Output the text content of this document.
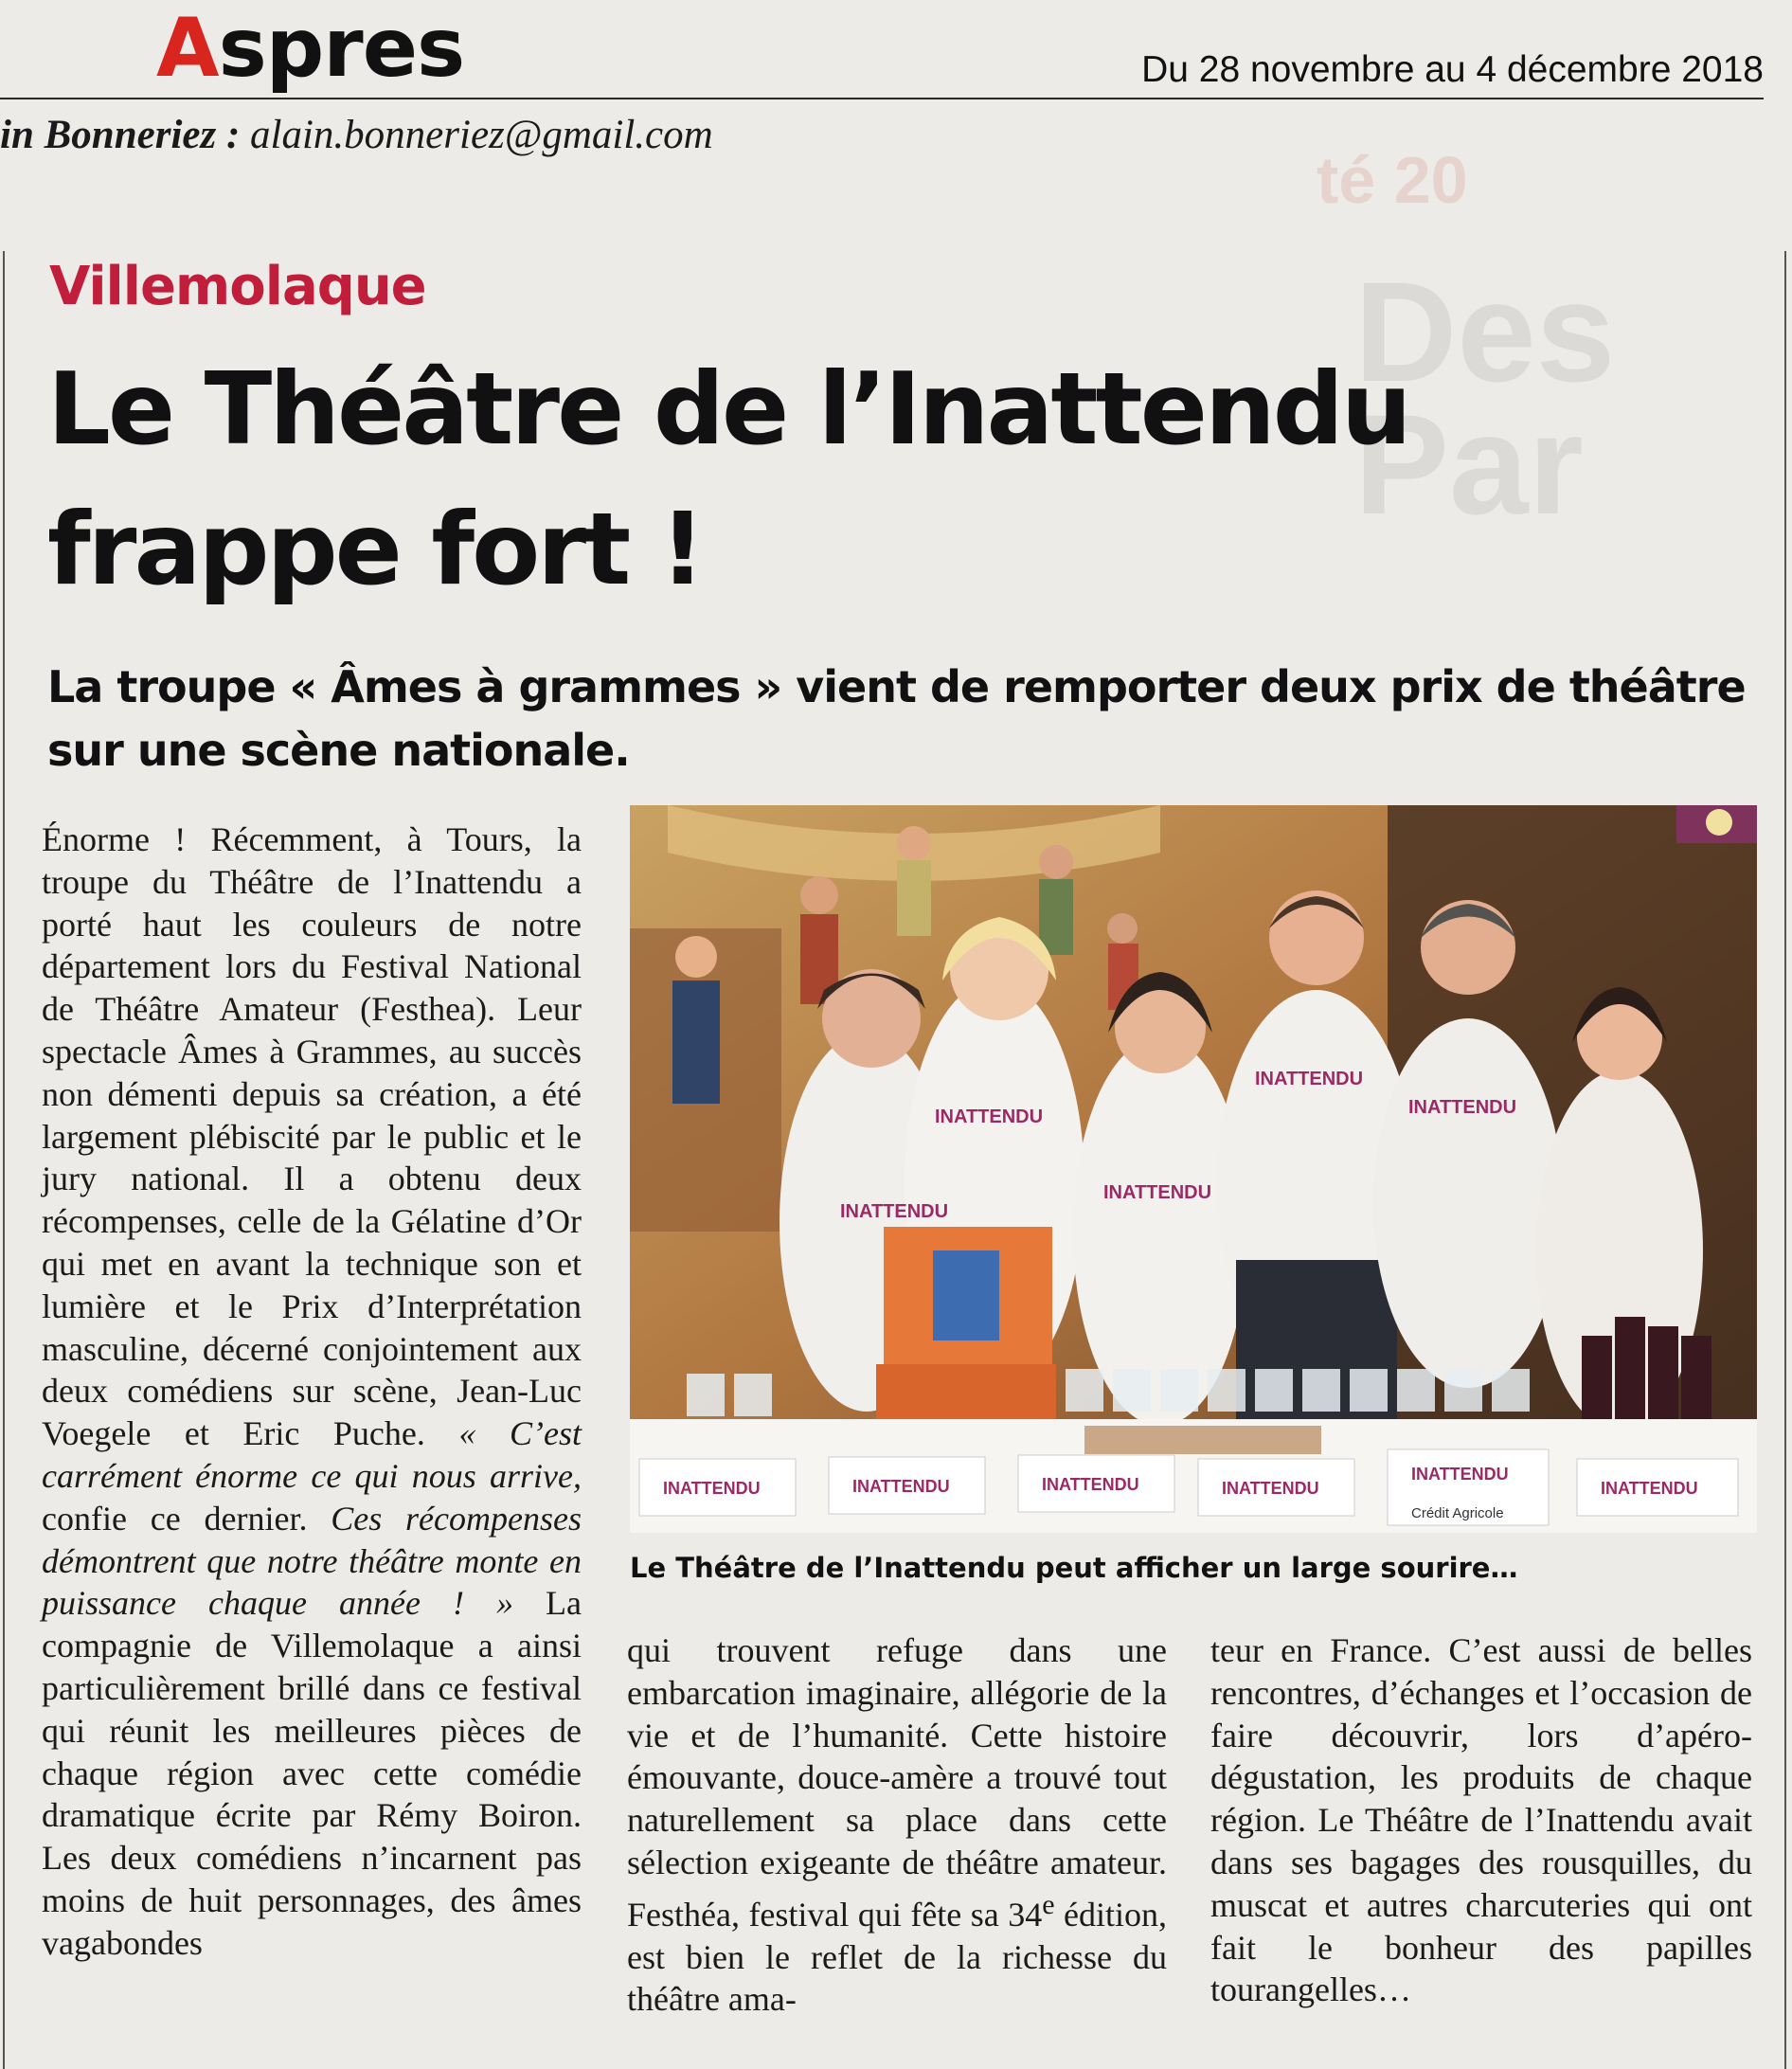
té 20
Des
Par
Aspres	Du 28 novembre au 4 décembre 2018
in Bonneriez : alain.bonneriez@gmail.com
Villemolaque
Le Théâtre de l’Inattendu
frappe fort !
La troupe « Âmes à grammes » vient de remporter deux prix de théâtre sur une scène nationale.

Énorme ! Récemment, à Tours, la troupe du Théâtre de l’Inattendu a porté haut les couleurs de notre département lors du Festival National de Théâtre Amateur (Festhea). Leur spectacle Âmes à Grammes, au succès non démenti depuis sa création, a été largement plébiscité par le public et le jury national. Il a obtenu deux récompenses, celle de la Gélatine d’Or qui met en avant la technique son et lumière et le Prix d’Interprétation masculine, décerné conjointement aux deux comédiens sur scène, Jean-Luc Voegele et Eric Puche. « C’est carrément énorme ce qui nous arrive, confie ce dernier. Ces récompenses démontrent que notre théâtre monte en puissance chaque année ! » La compagnie de Villemolaque a ainsi particulièrement brillé dans ce festival qui réunit les meilleures pièces de chaque région avec cette comédie dramatique écrite par Rémy Boiron. Les deux comédiens n’incarnent pas moins de huit personnages, des âmes vagabondes

INATTENDU
INATTENDU
INATTENDU
INATTENDU
INATTENDU
INATTENDU	INATTENDU	INATTENDU	INATTENDU
INATTENDU
INATTENDU
Crédit Agricole

Le Théâtre de l’Inattendu peut afficher un large sourire…

qui trouvent refuge dans une embarcation imaginaire, allégorie de la vie et de l’humanité. Cette histoire émouvante, douce-amère a trouvé tout naturellement sa place dans cette sélection exigeante de théâtre amateur. Festhéa, festival qui fête sa 34e édition, est bien le reflet de la richesse du théâtre ama-

teur en France. C’est aussi de belles rencontres, d’échanges et l’occasion de faire découvrir, lors d’apéro-dégustation, les produits de chaque région. Le Théâtre de l’Inattendu avait dans ses bagages des rousquilles, du muscat et autres charcuteries qui ont fait le bonheur des papilles tourangelles…
